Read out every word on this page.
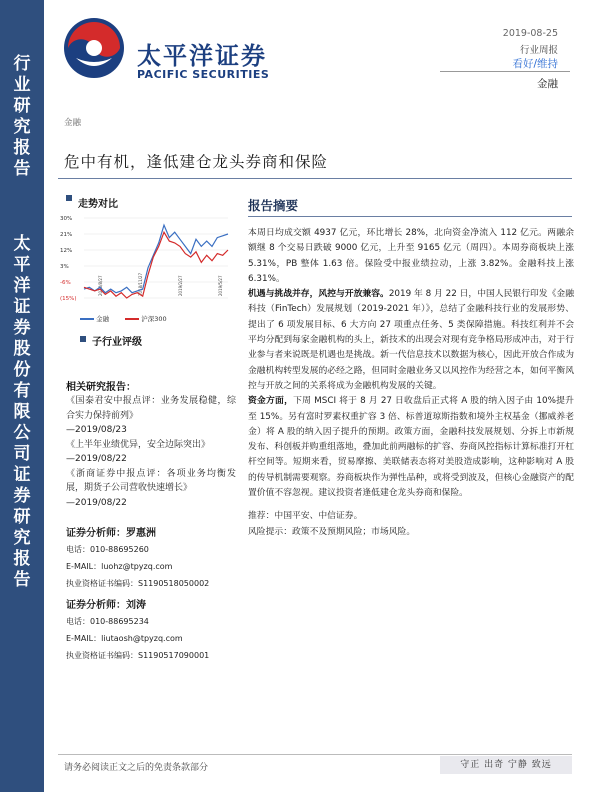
行
业
研
究
报
告
太
平
洋
证
券
股
份
有
限
公
司
证
券
研
究
报
告
太平洋证券
PACIFIC SECURITIES
2019-08-25
行业周报
看好/维持
金融
金融
危中有机，逢低建仓龙头券商和保险
走势对比
30%
21%
12%
3%
-6%
(15%)
2018/8/27	2018/11/27	2019/2/27	2019/5/27
金融	沪深300
子行业评级
相关研究报告：
《国泰君安中报点评：业务发展稳健，综合实力保持前列》
—2019/08/23
《上半年业绩优异，安全边际突出》
—2019/08/22
《浙商证券中报点评：各项业务均衡发展，期货子公司营收快速增长》
—2019/08/22
证券分析师：罗惠洲
电话：010-88695260
E-MAIL：luohz@tpyzq.com
执业资格证书编码：S1190518050002
证券分析师：刘涛
电话：010-88695234
E-MAIL：liutaosh@tpyzq.com
执业资格证书编码：S1190517090001
报告摘要

本周日均成交额 4937 亿元，环比增长 28%，北向资金净流入 112 亿元。两融余额继 8 个交易日跌破 9000 亿元，上升至 9165 亿元（周四）。本周券商板块上涨 5.31%，PB 整体 1.63 倍。保险受中报业绩拉动，上涨 3.82%。金融科技上涨 6.31%。

机遇与挑战并存，风控与开放兼容。2019 年 8 月 22 日，中国人民银行印发《金融科技（FinTech）发展规划（2019-2021 年）》，总结了金融科技行业的发展形势、提出了 6 项发展目标、6 大方向 27 项重点任务、5 类保障措施。科技红利并不会平均分配到每家金融机构的头上，新技术的出现会对现有竞争格局形成冲击，对于行业参与者来说既是机遇也是挑战。新一代信息技术以数据为核心，因此开放合作成为金融机构转型发展的必经之路，但同时金融业务又以风控作为经营之本，如何平衡风控与开放之间的关系将成为金融机构发展的关键。

资金方面，下周 MSCI 将于 8 月 27 日收盘后正式将 A 股的纳入因子由 10%提升至 15%。另有富时罗素权重扩容 3 倍、标普道琼斯指数和境外主权基金（挪威养老金）将 A 股的纳入因子提升的预期。政策方面，金融科技发展规划、分拆上市新规发布、科创板并购重组落地，叠加此前两融标的扩容、券商风控指标计算标准打开杠杆空间等。短期来看，贸易摩擦、美联储表态将对美股造成影响，这种影响对 A 股的传导机制需要观察。券商板块作为弹性品种，或将受到波及，但核心金融资产的配置价值不容忽视。建议投资者逢低建仓龙头券商和保险。

推荐：中国平安、中信证券。

风险提示：政策不及预期风险；市场风险。

请务必阅读正文之后的免责条款部分	守正 出奇 宁静 致远
